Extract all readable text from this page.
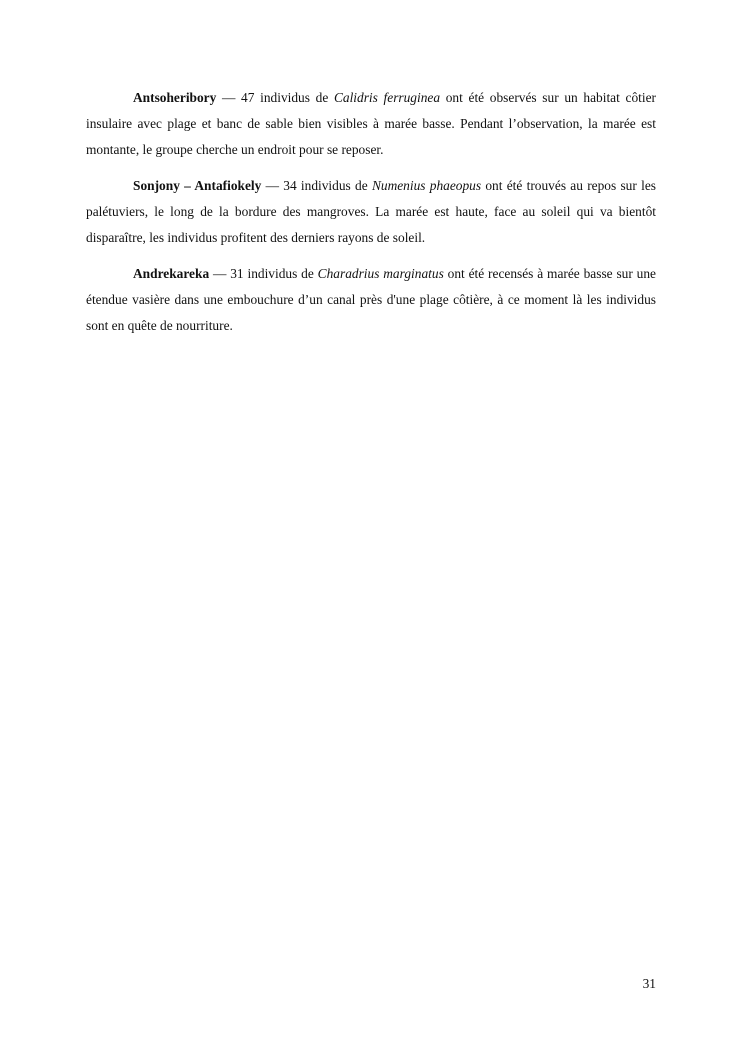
Antsoheribory — 47 individus de Calidris ferruginea ont été observés sur un habitat côtier insulaire avec plage et banc de sable bien visibles à marée basse. Pendant l’observation, la marée est montante, le groupe cherche un endroit pour se reposer.

Sonjony – Antafiokely — 34 individus de Numenius phaeopus ont été trouvés au repos sur les palétuviers, le long de la bordure des mangroves. La marée est haute, face au soleil qui va bientôt disparaître, les individus profitent des derniers rayons de soleil.

Andrekareka — 31 individus de Charadrius marginatus ont été recensés à marée basse sur une étendue vasière dans une embouchure d’un canal près d'une plage côtière, à ce moment là les individus sont en quête de nourriture.

31
